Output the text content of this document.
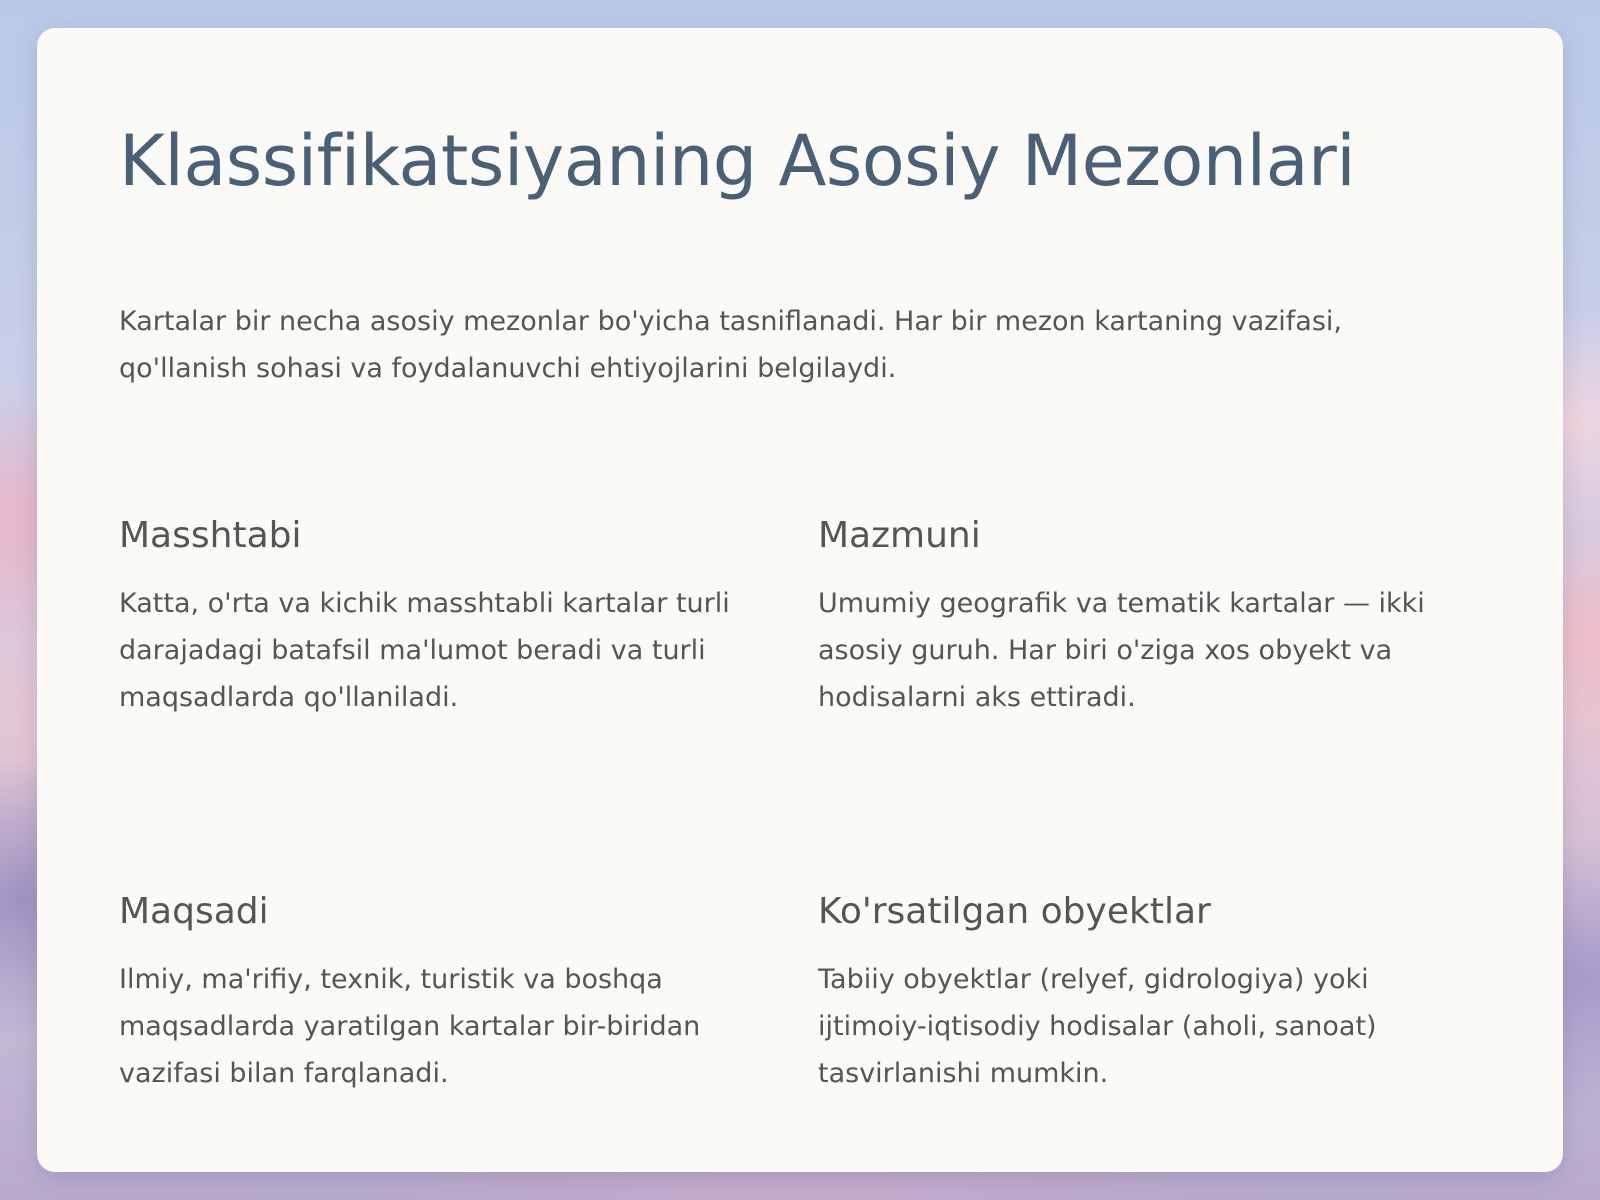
Klassifikatsiyaning Asosiy Mezonlari

Kartalar bir necha asosiy mezonlar bo'yicha tasniflanadi. Har bir mezon kartaning vazifasi, qo'llanish sohasi va foydalanuvchi ehtiyojlarini belgilaydi.

Masshtabi

Katta, o'rta va kichik masshtabli kartalar turli darajadagi batafsil ma'lumot beradi va turli maqsadlarda qo'llaniladi.

Mazmuni

Umumiy geografik va tematik kartalar — ikki asosiy guruh. Har biri o'ziga xos obyekt va hodisalarni aks ettiradi.

Maqsadi

Ilmiy, ma'rifiy, texnik, turistik va boshqa maqsadlarda yaratilgan kartalar bir-biridan vazifasi bilan farqlanadi.

Ko'rsatilgan obyektlar

Tabiiy obyektlar (relyef, gidrologiya) yoki ijtimoiy-iqtisodiy hodisalar (aholi, sanoat) tasvirlanishi mumkin.
